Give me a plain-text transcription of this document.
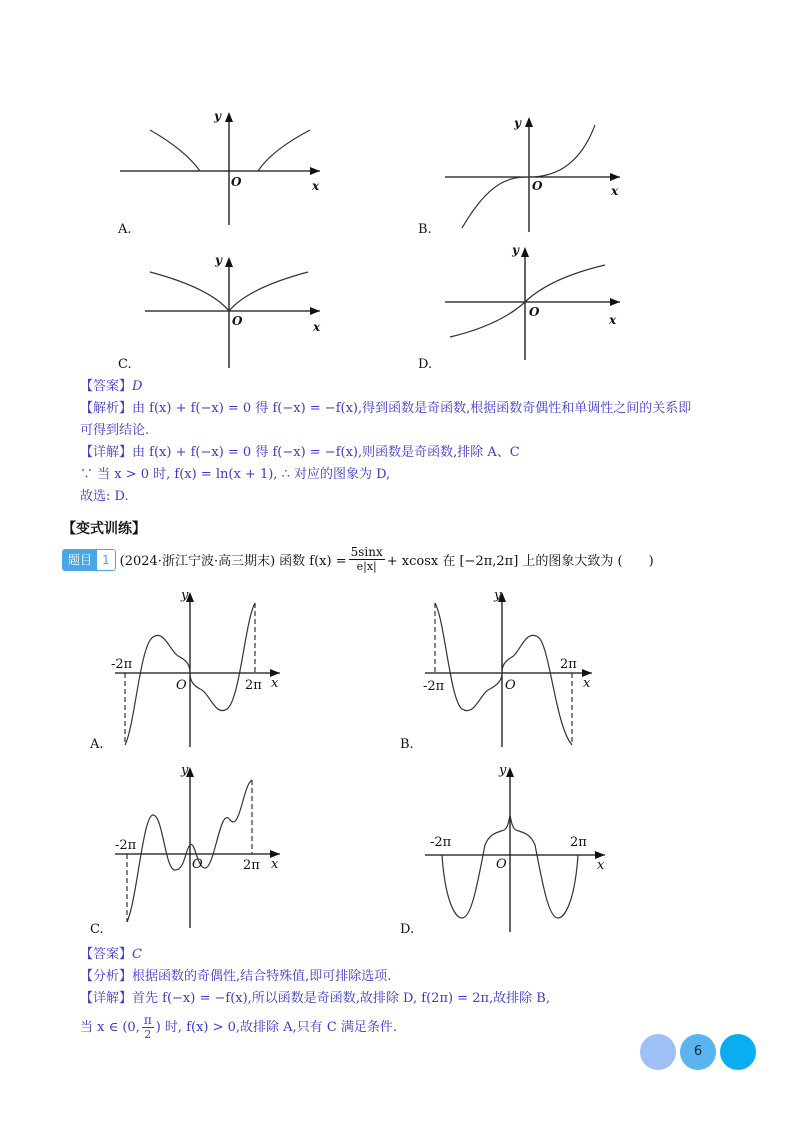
y
O	x
A.
y
O	x
B.
y
O	x
C.
y
O
x
D.
【答案】D
【解析】由 f(x) + f(−x) = 0 得 f(−x) = −f(x),得到函数是奇函数,根据函数奇偶性和单调性之间的关系即
可得到结论.
【详解】由 f(x) + f(−x) = 0 得 f(−x) = −f(x),则函数是奇函数,排除 A、C
∵ 当 x > 0 时, f(x) = ln(x + 1), ∴ 对应的图象为 D,
故选: D.
【变式训练】
题目 1 (2024·浙江宁波·高三期末) 函数 $f(x) = \frac{5\sin x}{e|x|} + xcosx$ 在 [−2π,2π] 上的图象大致为 (　　)
y
O	x
-2π
2π
A.
y
O	x
-2π
2π
B.
y
O	x
-2π
2π
C.
y
O	x
-2π	2π
D.
【答案】C
【分析】根据函数的奇偶性,结合特殊值,即可排除选项.
【详解】首先 f(−x) = −f(x),所以函数是奇函数,故排除 D, f(2π) = 2π,故排除 B,
当 x ∈ (0, $\frac{\pi}{2}$ ) 时, f(x) > 0,故排除 A,只有 C 满足条件.
6
